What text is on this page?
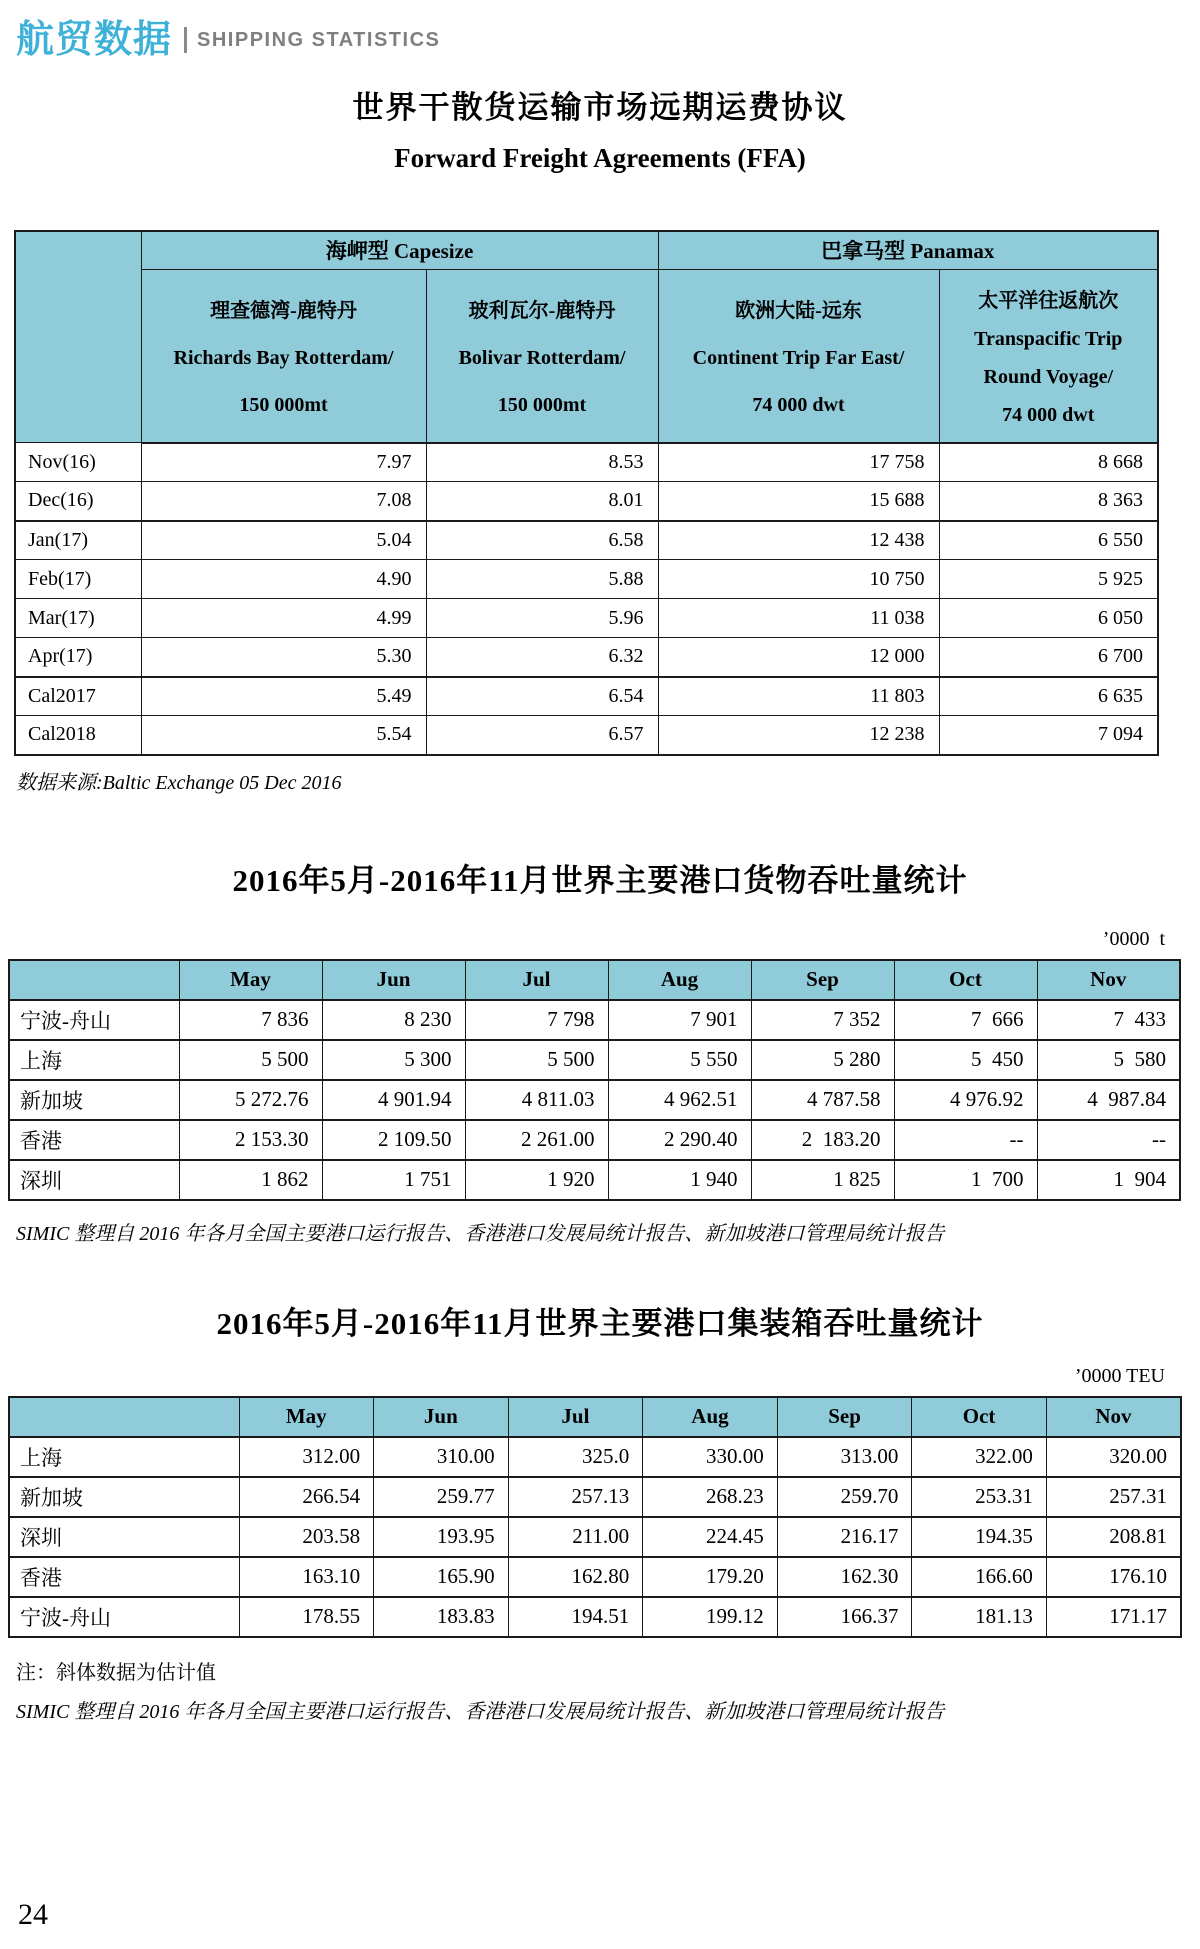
航贸数据 SHIPPING STATISTICS
世界干散货运输市场远期运费协议
Forward Freight Agreements (FFA)
	海岬型 Capesize		巴拿马型 Panamax	

	理查德湾-鹿特丹
Richards Bay Rotterdam/
150 000mt	玻利瓦尔-鹿特丹
Bolivar Rotterdam/
150 000mt	欧洲大陆-远东
Continent Trip Far East/
74 000 dwt	太平洋往返航次
Transpacific Trip
Round Voyage/
74 000 dwt

Nov(16)	7.97	8.53	17 758	8 668
Dec(16)	7.08	8.01	15 688	8 363
Jan(17)	5.04	6.58	12 438	6 550
Feb(17)	4.90	5.88	10 750	5 925
Mar(17)	4.99	5.96	11 038	6 050
Apr(17)	5.30	6.32	12 000	6 700
Cal2017	5.49	6.54	11 803	6 635
Cal2018	5.54	6.57	12 238	7 094
数据来源:Baltic Exchange 05 Dec 2016
2016年5月-2016年11月世界主要港口货物吞吐量统计
’0000  t
	May	Jun	Jul	Aug	Sep	Oct	Nov
宁波-舟山	7 836	8 230	7 798	7 901	7 352	7  666	7  433
上海	5 500	5 300	5 500	5 550	5 280	5  450	5  580
新加坡	5 272.76	4 901.94	4 811.03	4 962.51	4 787.58	4 976.92	4  987.84
香港	2 153.30	2 109.50	2 261.00	2 290.40	2  183.20	--	--
深圳	1 862	1 751	1 920	1 940	1 825	1  700	1  904
SIMIC 整理自 2016 年各月全国主要港口运行报告、香港港口发展局统计报告、新加坡港口管理局统计报告
2016年5月-2016年11月世界主要港口集装箱吞吐量统计
’0000 TEU
	May	Jun	Jul	Aug	Sep	Oct	Nov
上海	312.00	310.00	325.0	330.00	313.00	322.00	320.00
新加坡	266.54	259.77	257.13	268.23	259.70	253.31	257.31
深圳	203.58	193.95	211.00	224.45	216.17	194.35	208.81
香港	163.10	165.90	162.80	179.20	162.30	166.60	176.10
宁波-舟山	178.55	183.83	194.51	199.12	166.37	181.13	171.17
注：斜体数据为估计值
SIMIC 整理自 2016 年各月全国主要港口运行报告、香港港口发展局统计报告、新加坡港口管理局统计报告
24
